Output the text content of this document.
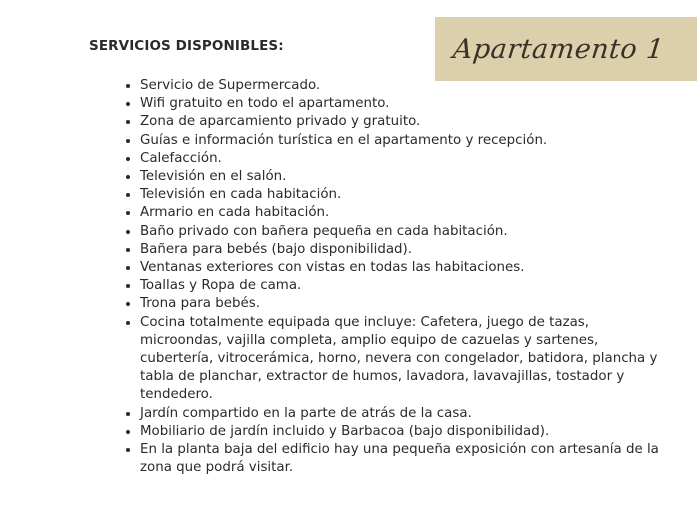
SERVICIOS DISPONIBLES:	Apartamento 1
• Servicio de Supermercado.
• Wifi gratuito en todo el apartamento.
• Zona de aparcamiento privado y gratuito.
• Guías e información turística en el apartamento y recepción.
• Calefacción.
• Televisión en el salón.
• Televisión en cada habitación.
• Armario en cada habitación.
• Baño privado con bañera pequeña en cada habitación.
• Bañera para bebés (bajo disponibilidad).
• Ventanas exteriores con vistas en todas las habitaciones.
• Toallas y Ropa de cama.
• Trona para bebés.
• Cocina totalmente equipada que incluye: Cafetera, juego de tazas, microondas, vajilla completa, amplio equipo de cazuelas y sartenes, cubertería, vitrocerámica, horno, nevera con congelador, batidora, plancha y tabla de planchar, extractor de humos, lavadora, lavavajillas, tostador y tendedero.
• Jardín compartido en la parte de atrás de la casa.
• Mobiliario de jardín incluido y Barbacoa (bajo disponibilidad).
• En la planta baja del edificio hay una pequeña exposición con artesanía de la zona que podrá visitar.
